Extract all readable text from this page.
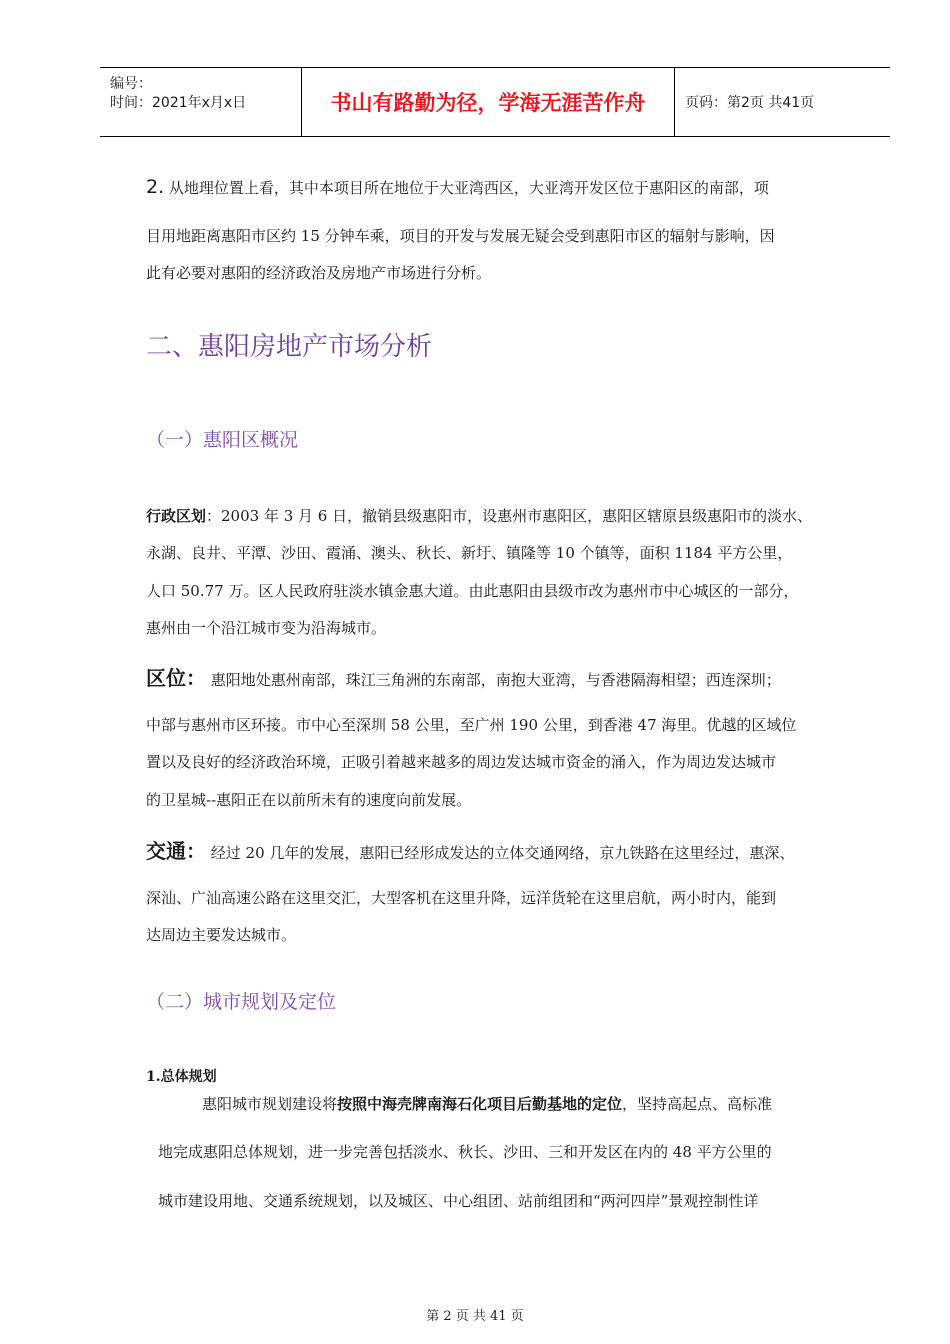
编号：
时间：2021年x月x日	书山有路勤为径，学海无涯苦作舟	页码：第2页 共41页
2. 从地理位置上看，其中本项目所在地位于大亚湾西区，大亚湾开发区位于惠阳区的南部，项
目用地距离惠阳市区约 15 分钟车乘，项目的开发与发展无疑会受到惠阳市区的辐射与影响，因
此有必要对惠阳的经济政治及房地产市场进行分析。
二、惠阳房地产市场分析
（一）惠阳区概况
行政区划：2003 年 3 月 6 日，撤销县级惠阳市，设惠州市惠阳区，惠阳区辖原县级惠阳市的淡水、
永湖、良井、平潭、沙田、霞涌、澳头、秋长、新圩、镇隆等 10 个镇等，面积 1184 平方公里，
人口 50.77 万。区人民政府驻淡水镇金惠大道。由此惠阳由县级市改为惠州市中心城区的一部分，
惠州由一个沿江城市变为沿海城市。
区位： 惠阳地处惠州南部，珠江三角洲的东南部，南抱大亚湾，与香港隔海相望；西连深圳；
中部与惠州市区环接。市中心至深圳 58 公里，至广州 190 公里，到香港 47 海里。优越的区域位
置以及良好的经济政治环境，正吸引着越来越多的周边发达城市资金的涌入，作为周边发达城市
的卫星城--惠阳正在以前所未有的速度向前发展。
交通： 经过 20 几年的发展，惠阳已经形成发达的立体交通网络，京九铁路在这里经过，惠深、
深汕、广汕高速公路在这里交汇，大型客机在这里升降，远洋货轮在这里启航，两小时内，能到
达周边主要发达城市。
（二）城市规划及定位
1.总体规划
惠阳城市规划建设将按照中海壳牌南海石化项目后勤基地的定位，坚持高起点、高标准
地完成惠阳总体规划，进一步完善包括淡水、秋长、沙田、三和开发区在内的 48 平方公里的
城市建设用地、交通系统规划，以及城区、中心组团、站前组团和“两河四岸”景观控制性详
第 2 页 共 41 页
